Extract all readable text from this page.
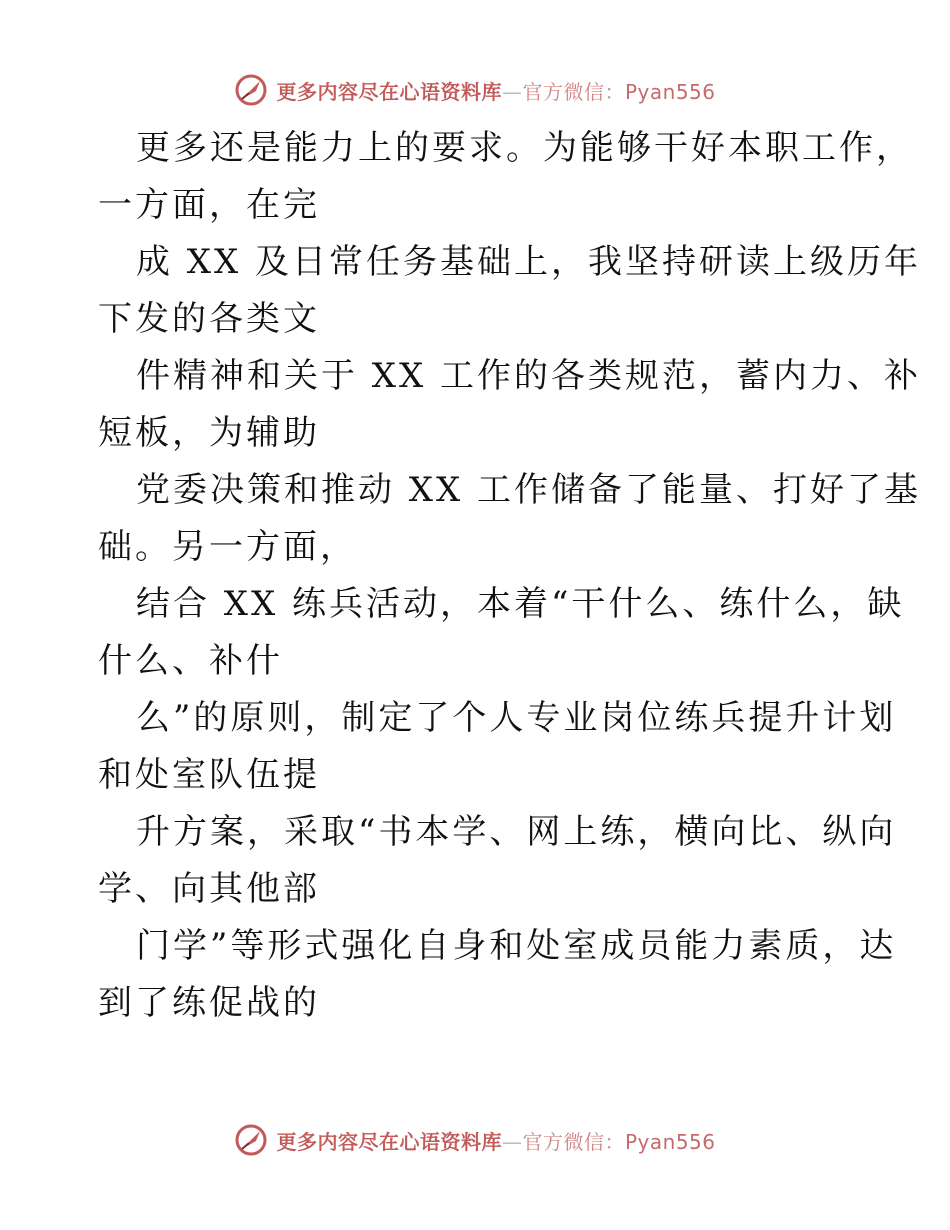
更多内容尽在心语资料库—官方微信：Pyan556
更多还是能力上的要求。为能够干好本职工作，
一方面，在完
成 XX 及日常任务基础上，我坚持研读上级历年
下发的各类文
件精神和关于 XX 工作的各类规范，蓄内力、补
短板，为辅助
党委决策和推动 XX 工作储备了能量、打好了基
础。另一方面，
结合 XX 练兵活动，本着“干什么、练什么，缺
什么、补什
么”的原则，制定了个人专业岗位练兵提升计划
和处室队伍提
升方案，采取“书本学、网上练，横向比、纵向
学、向其他部
门学”等形式强化自身和处室成员能力素质，达
到了练促战的
更多内容尽在心语资料库—官方微信：Pyan556
